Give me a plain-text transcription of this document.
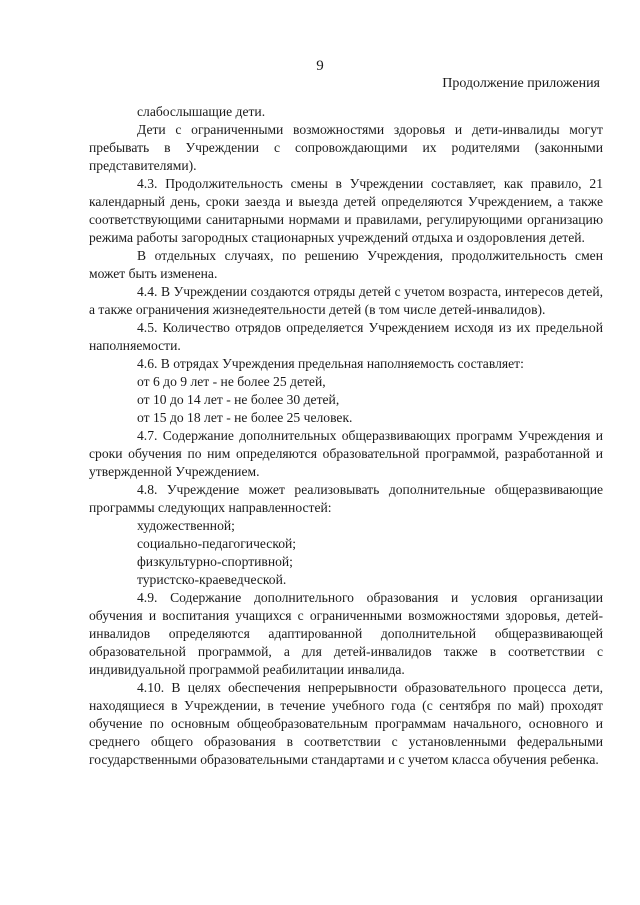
9
Продолжение приложения

слабослышащие дети.

Дети с ограниченными возможностями здоровья и дети-инвалиды могут пребывать в Учреждении с сопровождающими их родителями (законными представителями).

4.3. Продолжительность смены в Учреждении составляет, как правило, 21 календарный день, сроки заезда и выезда детей определяются Учреждением, а также соответствующими санитарными нормами и правилами, регулирующими организацию режима работы загородных стационарных учреждений отдыха и оздоровления детей.

В отдельных случаях, по решению Учреждения, продолжительность смен может быть изменена.

4.4. В Учреждении создаются отряды детей с учетом возраста, интересов детей, а также ограничения жизнедеятельности детей (в том числе детей-инвалидов).

4.5. Количество отрядов определяется Учреждением исходя из их предельной наполняемости.

4.6. В отрядах Учреждения предельная наполняемость составляет:

от 6 до 9 лет - не более 25 детей,

от 10 до 14 лет - не более 30 детей,

от 15 до 18 лет - не более 25 человек.

4.7. Содержание дополнительных общеразвивающих программ Учреждения и сроки обучения по ним определяются образовательной программой, разработанной и утвержденной Учреждением.

4.8. Учреждение может реализовывать дополнительные общеразвивающие программы следующих направленностей:

художественной;

социально-педагогической;

физкультурно-спортивной;

туристско-краеведческой.

4.9. Содержание дополнительного образования и условия организации обучения и воспитания учащихся с ограниченными возможностями здоровья, детей-инвалидов определяются адаптированной дополнительной общеразвивающей образовательной программой, а для детей-инвалидов также в соответствии с индивидуальной программой реабилитации инвалида.

4.10. В целях обеспечения непрерывности образовательного процесса дети, находящиеся в Учреждении, в течение учебного года (с сентября по май) проходят обучение по основным общеобразовательным программам начального, основного и среднего общего образования в соответствии с установленными федеральными государственными образовательными стандартами и с учетом класса обучения ребенка.
